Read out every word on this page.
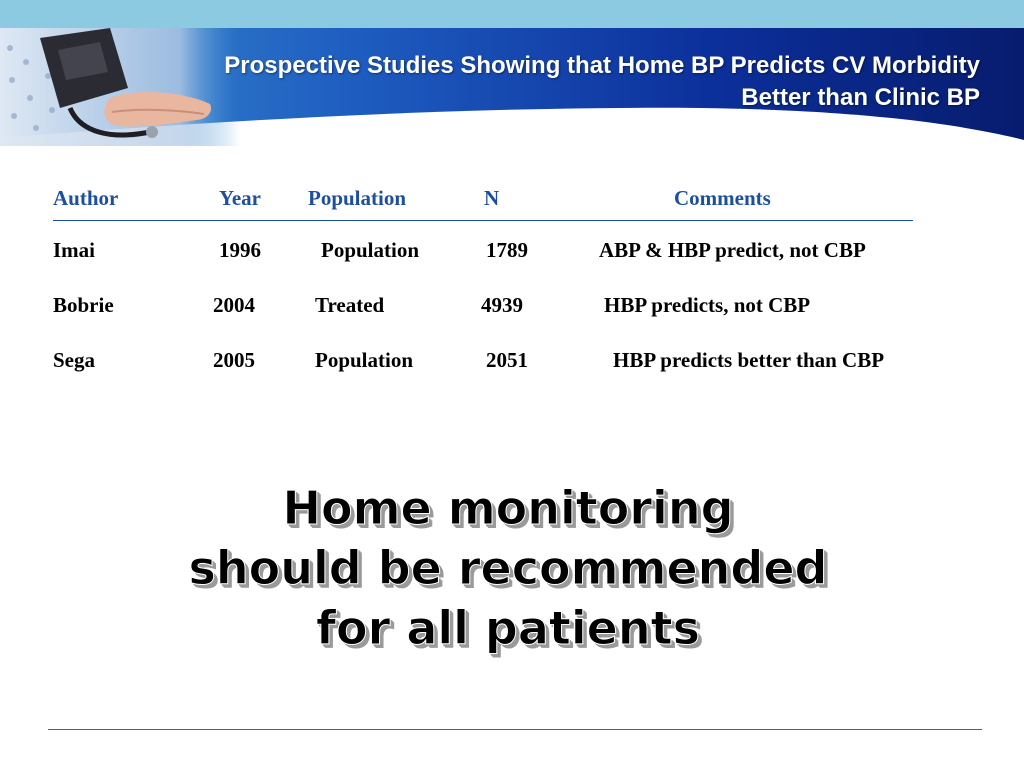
Prospective Studies Showing that Home BP Predicts CV Morbidity
Better than Clinic BP
Author	Year Population	N	Comments
Imai	1996	Population	1789	ABP & HBP predict, not CBP
Bobrie	2004	Treated	4939	HBP predicts, not CBP
Sega	2005	Population	2051	HBP predicts better than CBP
Home monitoring
should be recommended
for all patients
